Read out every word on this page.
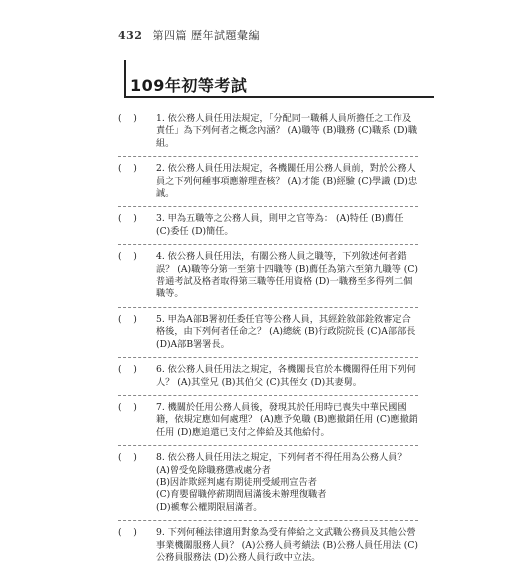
432 第四篇 歷年試題彙編
109年初等考試
(    )	1. 依公務人員任用法規定，「分配同一職稱人員所擔任之工作及責任」為下列何者之概念內涵？ (A)職等 (B)職務 (C)職系 (D)職組。
(    )	2. 依公務人員任用法規定，各機關任用公務人員前，對於公務人員之下列何種事項應辦理查核？ (A)才能 (B)經驗 (C)學識 (D)忠誠。
(    )	3. 甲為五職等之公務人員，則甲之官等為： (A)特任 (B)薦任 (C)委任 (D)簡任。
(    )	4. 依公務人員任用法，有關公務人員之職等，下列敘述何者錯誤？ (A)職等分第一至第十四職等 (B)薦任為第六至第九職等 (C)普通考試及格者取得第三職等任用資格 (D)一職務至多得列二個職等。
(    )	5. 甲為A部B署初任委任官等公務人員，其經銓敘部銓敘審定合格後，由下列何者任命之？ (A)總統 (B)行政院院長 (C)A部部長 (D)A部B署署長。
(    )	6. 依公務人員任用法之規定，各機關長官於本機關得任用下列何人？ (A)其堂兄 (B)其伯父 (C)其侄女 (D)其妻舅。
(    )	7. 機關於任用公務人員後，發現其於任用時已喪失中華民國國籍，依規定應如何處理？ (A)應予免職 (B)應撤銷任用 (C)應撤銷任用 (D)應追還已支付之俸給及其他給付。
(    )	8. 依公務人員任用法之規定，下列何者不得任用為公務人員？
(A)曾受免除職務懲戒處分者
(B)因詐欺經判處有期徒刑受緩刑宣告者
(C)育嬰留職停薪期間屆滿後未辦理復職者
(D)褫奪公權期限屆滿者。
(    )	9. 下列何種法律適用對象為受有俸給之文武職公務員及其他公營事業機關服務人員？ (A)公務人員考績法 (B)公務人員任用法 (C)公務員服務法 (D)公務人員行政中立法。
